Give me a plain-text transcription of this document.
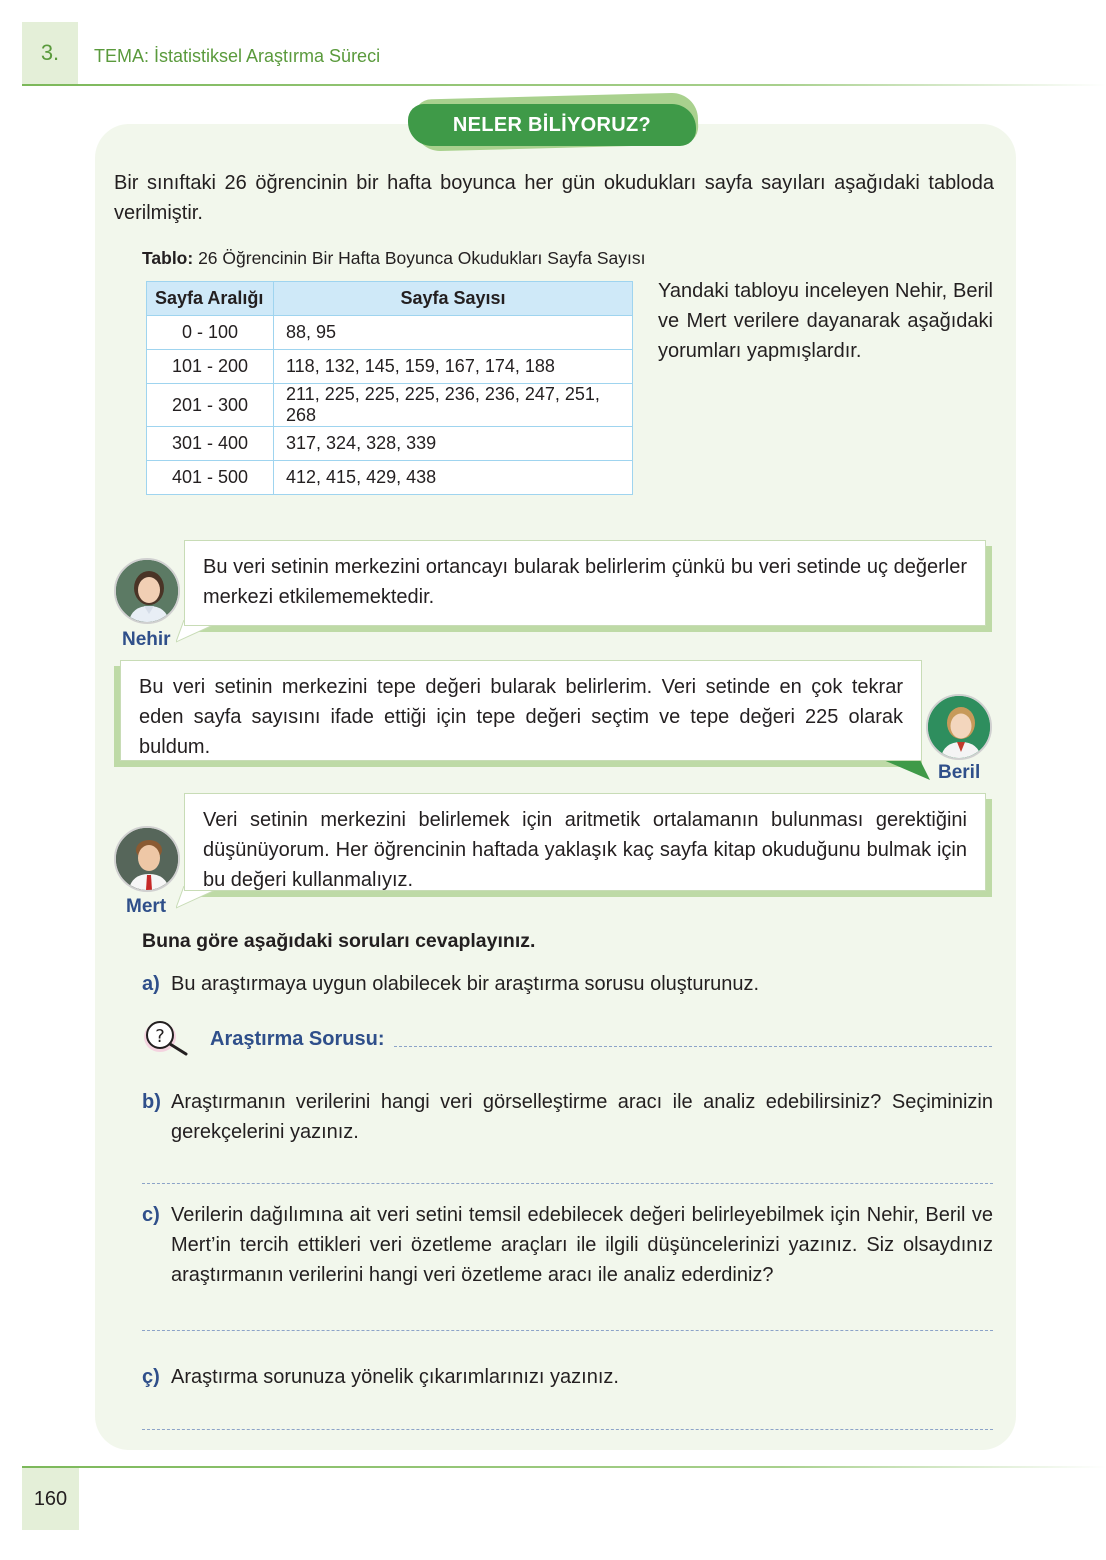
3.	TEMA: İstatistiksel Araştırma Süreci
NELER BİLİYORUZ?

Bir sınıftaki 26 öğrencinin bir hafta boyunca her gün okudukları sayfa sayıları aşağıdaki tabloda verilmiştir.

Tablo: 26 Öğrencinin Bir Hafta Boyunca Okudukları Sayfa Sayısı
Sayfa Aralığı	Sayfa Sayısı
0 - 100	88, 95
101 - 200	118, 132, 145, 159, 167, 174, 188
201 - 300	211, 225, 225, 225, 236, 236, 247, 251, 268
301 - 400	317, 324, 328, 339
401 - 500	412, 415, 429, 438

Yandaki tabloyu inceleyen Nehir, Beril ve Mert verilere dayanarak aşağıdaki yorumları yapmışlardır.

Nehir
Bu veri setinin merkezini ortancayı bularak belirlerim çünkü bu veri setinde uç değerler merkezi etkilememektedir.
Bu veri setinin merkezini tepe değeri bularak belirlerim. Veri setinde en çok tekrar eden sayfa sayısını ifade ettiği için tepe değeri seçtim ve tepe değeri 225 olarak buldum.
Beril
Mert
Veri setinin merkezini belirlemek için aritmetik ortalamanın bulunması gerektiğini düşünüyorum. Her öğrencinin haftada yaklaşık kaç sayfa kitap okuduğunu bulmak için bu değeri kullanmalıyız.
Buna göre aşağıdaki soruları cevaplayınız.
a) Bu araştırmaya uygun olabilecek bir araştırma sorusu oluşturunuz.
? Araştırma Sorusu:
b) Araştırmanın verilerini hangi veri görselleştirme aracı ile analiz edebilirsiniz? Seçiminizin gerekçelerini yazınız.
c) Verilerin dağılımına ait veri setini temsil edebilecek değeri belirleyebilmek için Nehir, Beril ve Mert’in tercih ettikleri veri özetleme araçları ile ilgili düşüncelerinizi yazınız. Siz olsaydınız araştırmanın verilerini hangi veri özetleme aracı ile analiz ederdiniz?
ç) Araştırma sorunuza yönelik çıkarımlarınızı yazınız.
160
